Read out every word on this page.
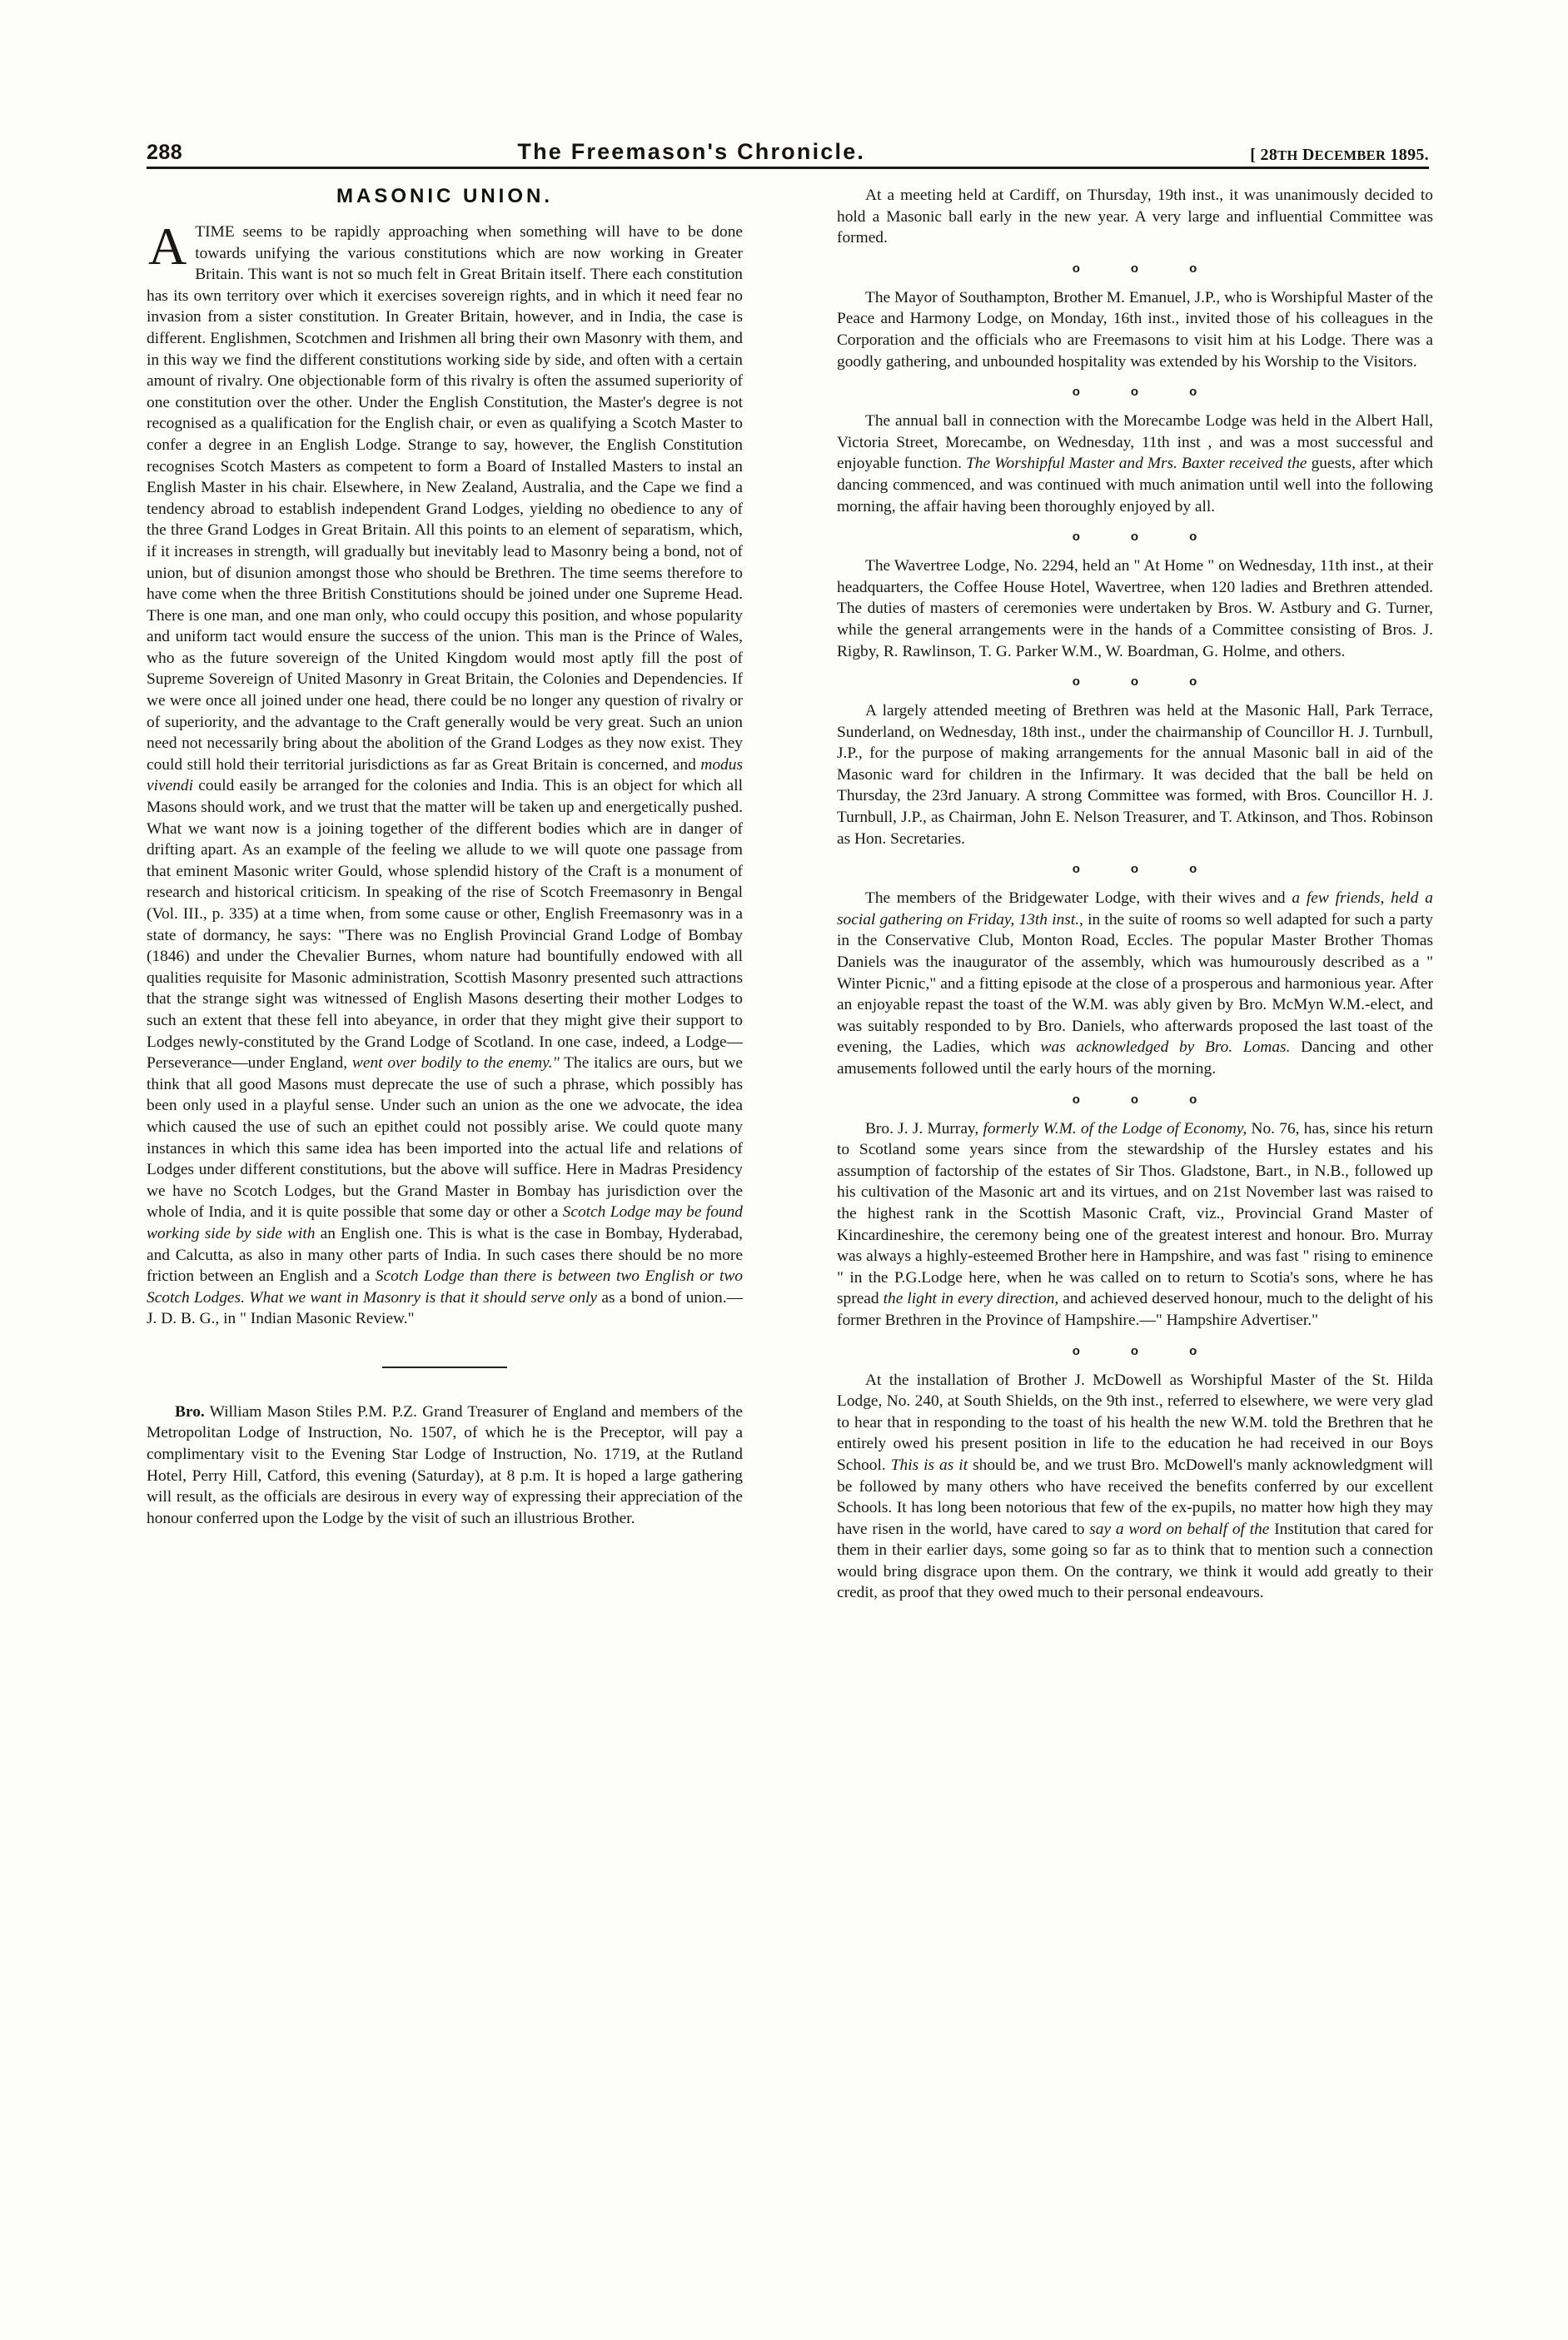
288	The Freemason's Chronicle.	[ 28TH DECEMBER 1895.
MASONIC UNION.

ATIME seems to be rapidly approaching when something will have to be done towards unifying the various constitutions which are now working in Greater Britain. This want is not so much felt in Great Britain itself. There each constitution has its own territory over which it exercises sovereign rights, and in which it need fear no invasion from a sister constitution. In Greater Britain, however, and in India, the case is different. Englishmen, Scotchmen and Irishmen all bring their own Masonry with them, and in this way we find the different constitutions working side by side, and often with a certain amount of rivalry. One objectionable form of this rivalry is often the assumed superiority of one constitution over the other. Under the English Constitution, the Master's degree is not recognised as a qualification for the English chair, or even as qualifying a Scotch Master to confer a degree in an English Lodge. Strange to say, however, the English Constitution recognises Scotch Masters as competent to form a Board of Installed Masters to instal an English Master in his chair. Elsewhere, in New Zealand, Australia, and the Cape we find a tendency abroad to establish independent Grand Lodges, yielding no obedience to any of the three Grand Lodges in Great Britain. All this points to an element of separatism, which, if it increases in strength, will gradually but inevitably lead to Masonry being a bond, not of union, but of disunion amongst those who should be Brethren. The time seems therefore to have come when the three British Constitutions should be joined under one Supreme Head. There is one man, and one man only, who could occupy this position, and whose popularity and uniform tact would ensure the success of the union. This man is the Prince of Wales, who as the future sovereign of the United Kingdom would most aptly fill the post of Supreme Sovereign of United Masonry in Great Britain, the Colonies and Dependencies. If we were once all joined under one head, there could be no longer any question of rivalry or of superiority, and the advantage to the Craft generally would be very great. Such an union need not necessarily bring about the abolition of the Grand Lodges as they now exist. They could still hold their territorial jurisdictions as far as Great Britain is concerned, and modus vivendi could easily be arranged for the colonies and India. This is an object for which all Masons should work, and we trust that the matter will be taken up and energetically pushed. What we want now is a joining together of the different bodies which are in danger of drifting apart. As an example of the feeling we allude to we will quote one passage from that eminent Masonic writer Gould, whose splendid history of the Craft is a monument of research and historical criticism. In speaking of the rise of Scotch Freemasonry in Bengal (Vol. III., p. 335) at a time when, from some cause or other, English Freemasonry was in a state of dormancy, he says: "There was no English Provincial Grand Lodge of Bombay (1846) and under the Chevalier Burnes, whom nature had bountifully endowed with all qualities requisite for Masonic administration, Scottish Masonry presented such attractions that the strange sight was witnessed of English Masons deserting their mother Lodges to such an extent that these fell into abeyance, in order that they might give their support to Lodges newly-constituted by the Grand Lodge of Scotland. In one case, indeed, a Lodge—Perseverance—under England, went over bodily to the enemy." The italics are ours, but we think that all good Masons must deprecate the use of such a phrase, which possibly has been only used in a playful sense. Under such an union as the one we advocate, the idea which caused the use of such an epithet could not possibly arise. We could quote many instances in which this same idea has been imported into the actual life and relations of Lodges under different constitutions, but the above will suffice. Here in Madras Presidency we have no Scotch Lodges, but the Grand Master in Bombay has jurisdiction over the whole of India, and it is quite possible that some day or other a Scotch Lodge may be found working side by side with an English one. This is what is the case in Bombay, Hyderabad, and Calcutta, as also in many other parts of India. In such cases there should be no more friction between an English and a Scotch Lodge than there is between two English or two Scotch Lodges. What we want in Masonry is that it should serve only as a bond of union.—J. D. B. G., in " Indian Masonic Review."

Bro. William Mason Stiles P.M. P.Z. Grand Treasurer of England and members of the Metropolitan Lodge of Instruction, No. 1507, of which he is the Preceptor, will pay a complimentary visit to the Evening Star Lodge of Instruction, No. 1719, at the Rutland Hotel, Perry Hill, Catford, this evening (Saturday), at 8 p.m. It is hoped a large gathering will result, as the officials are desirous in every way of expressing their appreciation of the honour conferred upon the Lodge by the visit of such an illustrious Brother.

At a meeting held at Cardiff, on Thursday, 19th inst., it was unanimously decided to hold a Masonic ball early in the new year. A very large and influential Committee was formed.

o	o	o

The Mayor of Southampton, Brother M. Emanuel, J.P., who is Worshipful Master of the Peace and Harmony Lodge, on Monday, 16th inst., invited those of his colleagues in the Corporation and the officials who are Freemasons to visit him at his Lodge. There was a goodly gathering, and unbounded hospitality was extended by his Worship to the Visitors.

o	o	o

The annual ball in connection with the Morecambe Lodge was held in the Albert Hall, Victoria Street, Morecambe, on Wednesday, 11th inst , and was a most successful and enjoyable function. The Worshipful Master and Mrs. Baxter received the guests, after which dancing commenced, and was continued with much animation until well into the following morning, the affair having been thoroughly enjoyed by all.

o	o	o

The Wavertree Lodge, No. 2294, held an " At Home " on Wednesday, 11th inst., at their headquarters, the Coffee House Hotel, Wavertree, when 120 ladies and Brethren attended. The duties of masters of ceremonies were undertaken by Bros. W. Astbury and G. Turner, while the general arrangements were in the hands of a Committee consisting of Bros. J. Rigby, R. Rawlinson, T. G. Parker W.M., W. Boardman, G. Holme, and others.

o	o	o

A largely attended meeting of Brethren was held at the Masonic Hall, Park Terrace, Sunderland, on Wednesday, 18th inst., under the chairmanship of Councillor H. J. Turnbull, J.P., for the purpose of making arrangements for the annual Masonic ball in aid of the Masonic ward for children in the Infirmary. It was decided that the ball be held on Thursday, the 23rd January. A strong Committee was formed, with Bros. Councillor H. J. Turnbull, J.P., as Chairman, John E. Nelson Treasurer, and T. Atkinson, and Thos. Robinson as Hon. Secretaries.

o	o	o

The members of the Bridgewater Lodge, with their wives and a few friends, held a social gathering on Friday, 13th inst., in the suite of rooms so well adapted for such a party in the Conservative Club, Monton Road, Eccles. The popular Master Brother Thomas Daniels was the inaugurator of the assembly, which was humourously described as a " Winter Picnic," and a fitting episode at the close of a prosperous and harmonious year. After an enjoyable repast the toast of the W.M. was ably given by Bro. McMyn W.M.-elect, and was suitably responded to by Bro. Daniels, who afterwards proposed the last toast of the evening, the Ladies, which was acknowledged by Bro. Lomas. Dancing and other amusements followed until the early hours of the morning.

o	o	o

Bro. J. J. Murray, formerly W.M. of the Lodge of Economy, No. 76, has, since his return to Scotland some years since from the stewardship of the Hursley estates and his assumption of factorship of the estates of Sir Thos. Gladstone, Bart., in N.B., followed up his cultivation of the Masonic art and its virtues, and on 21st November last was raised to the highest rank in the Scottish Masonic Craft, viz., Provincial Grand Master of Kincardineshire, the ceremony being one of the greatest interest and honour. Bro. Murray was always a highly-esteemed Brother here in Hampshire, and was fast " rising to eminence " in the P.G.Lodge here, when he was called on to return to Scotia's sons, where he has spread the light in every direction, and achieved deserved honour, much to the delight of his former Brethren in the Province of Hampshire.—" Hampshire Advertiser."

o	o	o

At the installation of Brother J. McDowell as Worshipful Master of the St. Hilda Lodge, No. 240, at South Shields, on the 9th inst., referred to elsewhere, we were very glad to hear that in responding to the toast of his health the new W.M. told the Brethren that he entirely owed his present position in life to the education he had received in our Boys School. This is as it should be, and we trust Bro. McDowell's manly acknowledgment will be followed by many others who have received the benefits conferred by our excellent Schools. It has long been notorious that few of the ex-pupils, no matter how high they may have risen in the world, have cared to say a word on behalf of the Institution that cared for them in their earlier days, some going so far as to think that to mention such a connection would bring disgrace upon them. On the contrary, we think it would add greatly to their credit, as proof that they owed much to their personal endeavours.
